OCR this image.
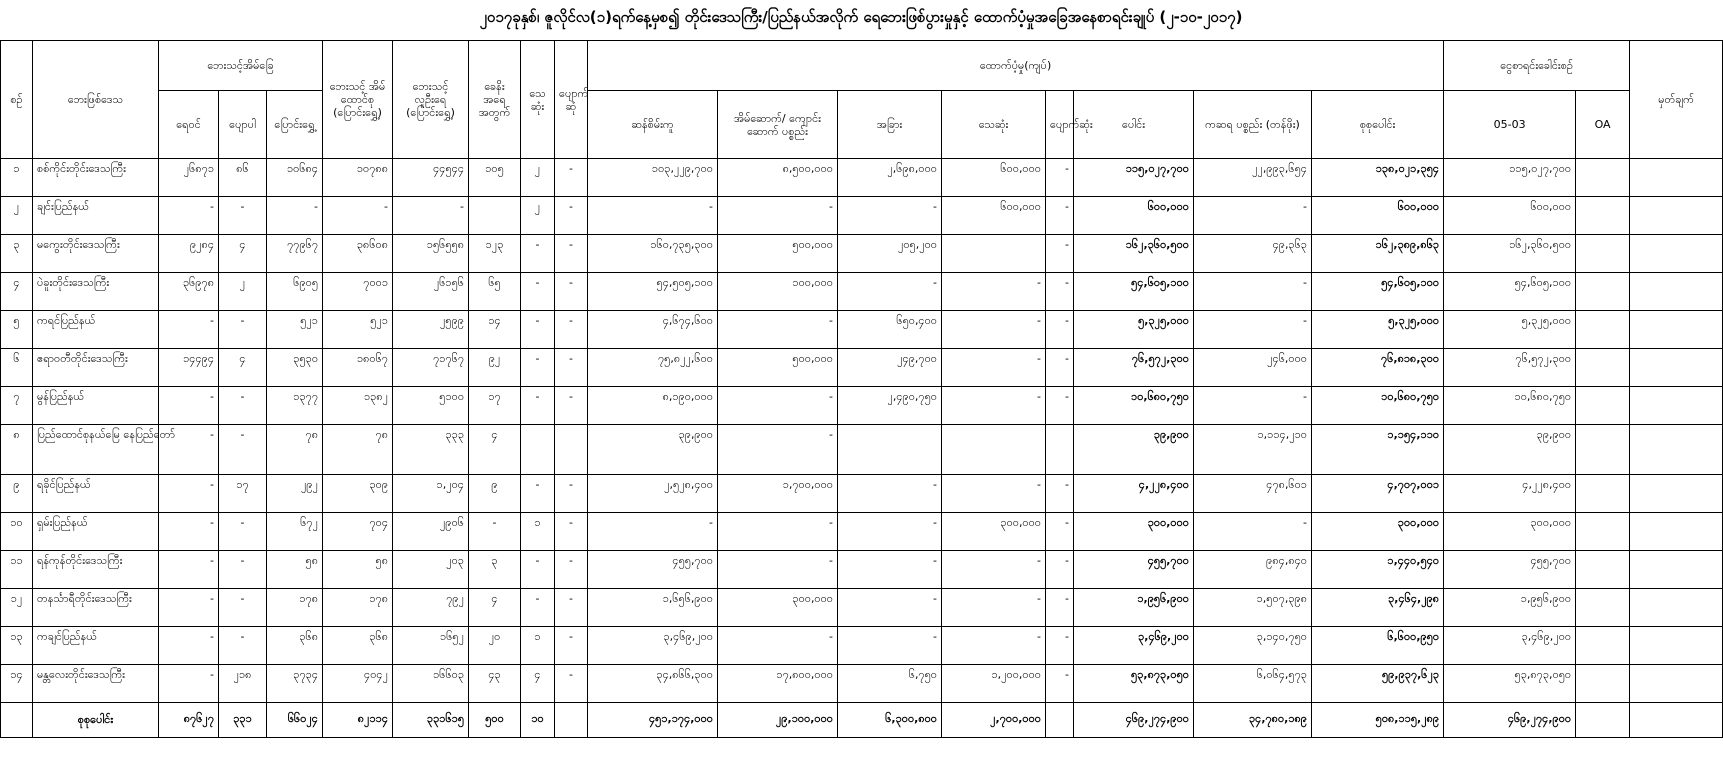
၂၀၁၇ခုနှစ်၊ ဇူလိုင်လ(၁)ရက်နေ့မှစ၍ တိုင်းဒေသကြီး/ပြည်နယ်အလိုက် ရေဘေးဖြစ်ပွားမှုနှင့် ထောက်ပံ့မှုအခြေအနေစာရင်းချုပ် (၂-၁၀-၂၀၁၇)
စဉ်	ဘေးဖြစ်ဒေသ	ဘေးသင့်အိမ်ခြေ			ဘေးသင့် အိမ် ထောင်စု (ပြောင်းရွှေ့)	ဘေးသင့် လူဦးရေ (ပြောင်းရွှေ့)	ခေနိး အရေ အတွက်	သေ ဆုံး	ပျောက် ဆုံ	ထောက်ပံ့မှု(ကျပ်)								ငွေစာရင်းခေါင်းစဉ်		မှတ်ချက်
		ရေဝင်	ပျောပါ	ပြောင်းရွှေ့						ဆန်စိမ်းကူ	အိမ်ဆောက်/ ကျောင်းဆောက် ပစ္စည်း	အခြား	သေဆုံး	ပျောက်ဆုံး	ပေါင်း	ကဆရ ပစ္စည်း (တန်ဖိုး)	စုစုပေါင်း	05-03	OA	
၁	စစ်ကိုင်းတိုင်းဒေသကြီး	၂၆၈၇၁	၈၆	၁၀၆၈၄	၁၀၇၈၈	၄၄၅၄၄	၁၀၅	၂	-	၁၀၃,၂၂၉,၇၀၀	၈,၅၀၀,၀၀၀	၂,၆၉၈,၀၀၀	၆၀၀,၀၀၀	-	၁၁၅,၀၂၇,၇၀၀	၂၂,၉၉၃,၆၅၄	၁၃၈,၀၂၁,၃၅၄	၁၁၅,၀၂၇,၇၀၀		
၂	ချင်းပြည်နယ်	-	-	-	-	-		၂	-	-	-	-	၆၀၀,၀၀၀	-	၆၀၀,၀၀၀	-	၆၀၀,၀၀၀	၆၀၀,၀၀၀		
၃	မကွေးတိုင်းဒေသကြီး	၉၂၈၄	၄	၇၇၉၆၇	၃၈၆၀၈	၁၅၆၅၅၈	၁၂၃	-	-	၁၆၀,၇၃၅,၃၀၀	၅၀၀,၀၀၀	၂၀၅,၂၀၀		-	၁၆၂,၃၆၀,၅၀၀	၄၉,၃၆၃	၁၆၂,၃၈၉,၈၆၃	၁၆၂,၃၆၀,၅၀၀		
၄	ပဲခူးတိုင်းဒေသကြီး	၃၆၉၇၈	၂	၆၉၀၅	၇၀၀၁	၂၆၁၅၆	၆၅	-	-	၅၄,၅၀၅,၁၀၀	၁၀၀,၀၀၀	-	-	-	၅၄,၆၀၅,၁၀၀	-	၅၄,၆၀၅,၁၀၀	၅၄,၆၀၅,၁၀၀		
၅	ကရင်ပြည်နယ်	-	-	၅၂၁	၅၂၁	၂၅၉၉	၁၄	-	-	၄,၆၇၄,၆၀၀	-	၆၅၀,၄၀၀	-	-	၅,၃၂၅,၀၀၀	-	၅,၃၂၅,၀၀၀	၅,၃၂၅,၀၀၀		
၆	ဧရာဝတီတိုင်းဒေသကြီး	၁၄၄၉၄	၄	၃၅၃၀	၁၈၀၆၇	၇၁၇၆၇	၉၂	-	-	၇၅,၈၂၂,၆၀၀	၅၀၀,၀၀၀	၂၄၉,၇၀၀	-	-	၇၆,၅၇၂,၃၀၀	၂၄၆,၀၀၀	၇၆,၈၁၈,၃၀၀	၇၆,၅၇၂,၃၀၀		
၇	မွန်ပြည်နယ်	-	-	၁၃၇၇	၁၃၈၂	၅၁၀၀	၁၇	-	-	၈,၁၉၀,၀၀၀	-	၂,၄၉၀,၇၅၀	-	-	၁၀,၆၈၀,၇၅၀	-	၁၀,၆၈၀,၇၅၀	၁၀,၆၈၀,၇၅၀		
၈	ပြည်ထောင်စုနယ်မြေ နေပြည်တော်	-	-	၇၈	၇၈	၃၃၃	၄			၃၉,၉၀၀	-				၃၉,၉၀၀	၁,၁၁၄,၂၁၀	၁,၁၅၄,၁၁၀	၃၉,၉၀၀		
၉	ရခိုင်ပြည်နယ်	-	၁၇	၂၉၂	၃၀၉	၁,၂၀၄	၉	-	-	၂,၅၂၈,၄၀၀	၁,၇၀၀,၀၀၀	-	-	-	၄,၂၂၈,၄၀၀	၄၇၈,၆၀၁	၄,၇၀၇,၀၀၁	၄,၂၂၈,၄၀၀		
၁၀	ရှမ်းပြည်နယ်	-	-	၆၇၂	၇၀၄	၂၉၀၆	-	၁	-	-	-	-	၃၀၀,၀၀၀	-	၃၀၀,၀၀၀	-	၃၀၀,၀၀၀	၃၀၀,၀၀၀		
၁၁	ရန်ကုန်တိုင်းဒေသကြီး	-	-	၅၈	၅၈	၂၀၃	၃	-	-	၄၅၅,၇၀၀	-	-	-	-	၄၅၅,၇၀၀	၉၈၄,၈၄၀	၁,၄၄၀,၅၄၀	၄၅၅,၇၀၀		
၁၂	တနင်္သာရီတိုင်းဒေသကြီး	-	-	၁၇၈	၁၇၈	၇၉၂	၄	-	-	၁,၆၅၆,၉၀၀	၃၀၀,၀၀၀	-	-	-	၁,၉၅၆,၉၀၀	၁,၅၀၇,၃၉၈	၃,၄၆၄,၂၉၈	၁,၉၅၆,၉၀၀		
၁၃	ကချင်ပြည်နယ်	-	-	၃၆၈	၃၆၈	၁၆၅၂	၂၀	၁	-	၃,၄၆၉,၂၀၀	-	-	-	-	၃,၄၆၉,၂၀၀	၃,၁၄၀,၇၅၀	၆,၆၀၀,၉၅၀	၃,၄၆၉,၂၀၀		
၁၄	မန္တလေးတိုင်းဒေသကြီး	-	၂၁၈	၃၇၃၄	၄၀၄၂	၁၆၆၀၃	၄၃	၄	-	၃၄,၈၆၆,၃၀၀	၁၇,၈၀၀,၀၀၀	၆,၇၅၀	၁,၂၀၀,၀၀၀	-	၅၃,၈၇၃,၀၅၀	၆,၀၆၄,၅၇၃	၅၉,၉၃၇,၆၂၃	၅၃,၈၇၃,၀၅၀		
	စုစုပေါင်း	၈၇၆၂၇	၃၃၁	၆၆၀၂၄	၈၂၁၁၄	၃၃၁၆၁၅	၅၀၀	၁၀		၄၅၁,၁၇၄,၀၀၀	၂၉,၁၀၀,၀၀၀	၆,၃၀၀,၈၀၀	၂,၇၀၀,၀၀၀		၄၆၉,၂၇၄,၉၀၀	၃၄,၇၈၀,၁၈၉	၅၀၈,၁၁၅,၂၈၉	၄၆၉,၂၇၄,၉၀၀		
